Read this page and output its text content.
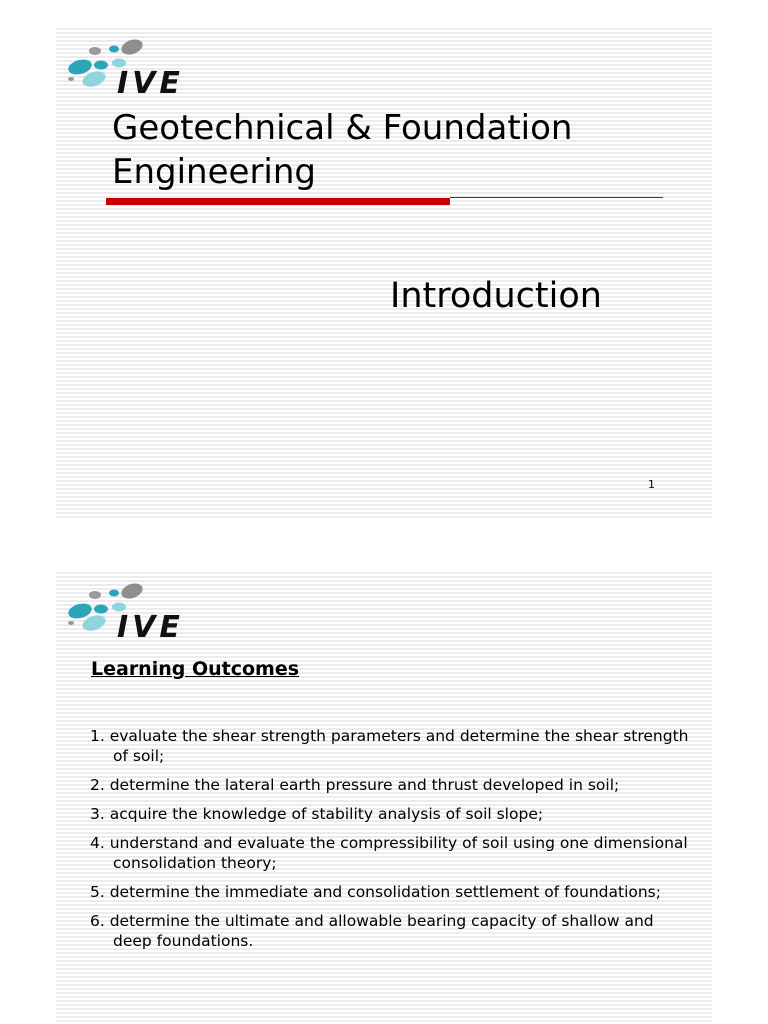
IVE
Geotechnical & Foundation
Engineering
Introduction
1
IVE
Learning Outcomes
1. evaluate the shear strength parameters and determine the shear strength of soil;
2. determine the lateral earth pressure and thrust developed in soil;
3. acquire the knowledge of stability analysis of soil slope;
4. understand and evaluate the compressibility of soil using one dimensional consolidation theory;
5. determine the immediate and consolidation settlement of foundations;
6. determine the ultimate and allowable bearing capacity of shallow and deep foundations.
